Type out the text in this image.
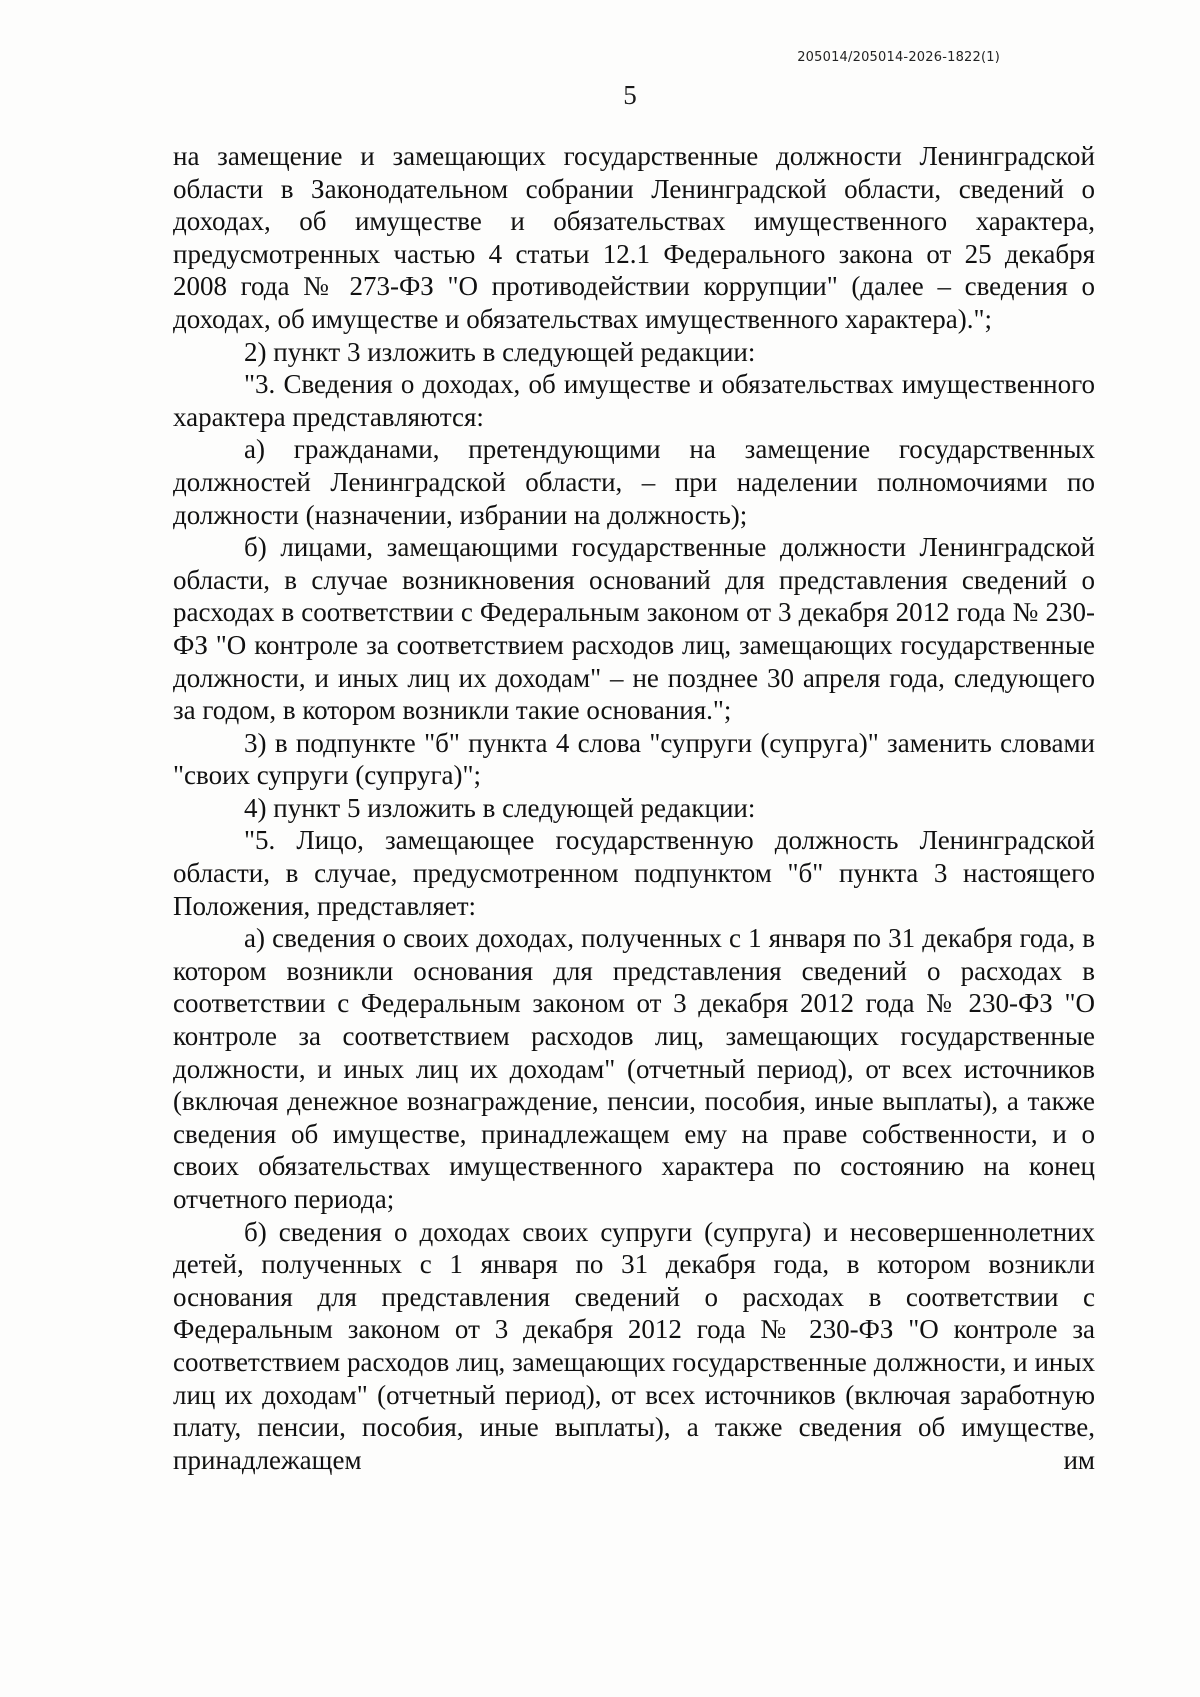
205014/205014-2026-1822(1)
5

на замещение и замещающих государственные должности Ленинградской области в Законодательном собрании Ленинградской области, сведений о доходах, об имуществе и обязательствах имущественного характера, предусмотренных частью 4 статьи 12.1 Федерального закона от 25 декабря 2008 года № 273-ФЗ "О противодействии коррупции" (далее – сведения о доходах, об имуществе и обязательствах имущественного характера).";

2) пункт 3 изложить в следующей редакции:

"3. Сведения о доходах, об имуществе и обязательствах имущественного характера представляются:

а) гражданами, претендующими на замещение государственных должностей Ленинградской области, – при наделении полномочиями по должности (назначении, избрании на должность);

б) лицами, замещающими государственные должности Ленинградской области, в случае возникновения оснований для представления сведений о расходах в соответствии с Федеральным законом от 3 декабря 2012 года № 230-ФЗ "О контроле за соответствием расходов лиц, замещающих государственные должности, и иных лиц их доходам" – не позднее 30 апреля года, следующего за годом, в котором возникли такие основания.";

3) в подпункте "б" пункта 4 слова "супруги (супруга)" заменить словами "своих супруги (супруга)";

4) пункт 5 изложить в следующей редакции:

"5. Лицо, замещающее государственную должность Ленинградской области, в случае, предусмотренном подпунктом "б" пункта 3 настоящего Положения, представляет:

а) сведения о своих доходах, полученных с 1 января по 31 декабря года, в котором возникли основания для представления сведений о расходах в соответствии с Федеральным законом от 3 декабря 2012 года № 230-ФЗ "О контроле за соответствием расходов лиц, замещающих государственные должности, и иных лиц их доходам" (отчетный период), от всех источников (включая денежное вознаграждение, пенсии, пособия, иные выплаты), а также сведения об имуществе, принадлежащем ему на праве собственности, и о своих обязательствах имущественного характера по состоянию на конец отчетного периода;

б) сведения о доходах своих супруги (супруга) и несовершеннолетних детей, полученных с 1 января по 31 декабря года, в котором возникли основания для представления сведений о расходах в соответствии с Федеральным законом от 3 декабря 2012 года № 230-ФЗ "О контроле за соответствием расходов лиц, замещающих государственные должности, и иных лиц их доходам" (отчетный период), от всех источников (включая заработную плату, пенсии, пособия, иные выплаты), а также сведения об имуществе, принадлежащем им
